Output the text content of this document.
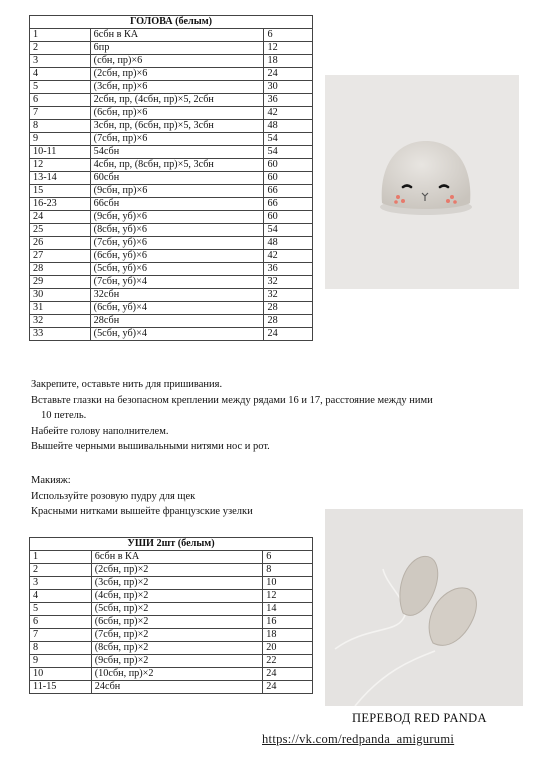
ГОЛОВА (белым)		
1	6сбн в КА	6
2	6пр	12
3	(сбн, пр)×6	18
4	(2сбн, пр)×6	24
5	(3сбн, пр)×6	30
6	2сбн, пр, (4сбн, пр)×5, 2сбн	36
7	(6сбн, пр)×6	42
8	3сбн, пр, (6сбн, пр)×5, 3сбн	48
9	(7сбн, пр)×6	54
10-11	54сбн	54
12	4сбн, пр, (8сбн, пр)×5, 3сбн	60
13-14	60сбн	60
15	(9сбн, пр)×6	66
16-23	66сбн	66
24	(9сбн, уб)×6	60
25	(8сбн, уб)×6	54
26	(7сбн, уб)×6	48
27	(6сбн, уб)×6	42
28	(5сбн, уб)×6	36
29	(7сбн, уб)×4	32
30	32сбн	32
31	(6сбн, уб)×4	28
32	28сбн	28
33	(5сбн, уб)×4	24

Закрепите, оставьте нить для пришивания.

Вставьте глазки на безопасном креплении между рядами 16 и 17, расстояние между ними

10 петель.

Набейте голову наполнителем.

Вышейте черными вышивальными нитями нос и рот.

Макияж:

Используйте розовую пудру для щек

Красными нитками вышейте французские узелки

УШИ 2шт (белым)		
1	6сбн в КА	6
2	(2сбн, пр)×2	8
3	(3сбн, пр)×2	10
4	(4сбн, пр)×2	12
5	(5сбн, пр)×2	14
6	(6сбн, пр)×2	16
7	(7сбн, пр)×2	18
8	(8сбн, пр)×2	20
9	(9сбн, пр)×2	22
10	(10сбн, пр)×2	24
11-15	24сбн	24
ПЕРЕВОД RED PANDA
https://vk.com/redpanda_amigurumi
